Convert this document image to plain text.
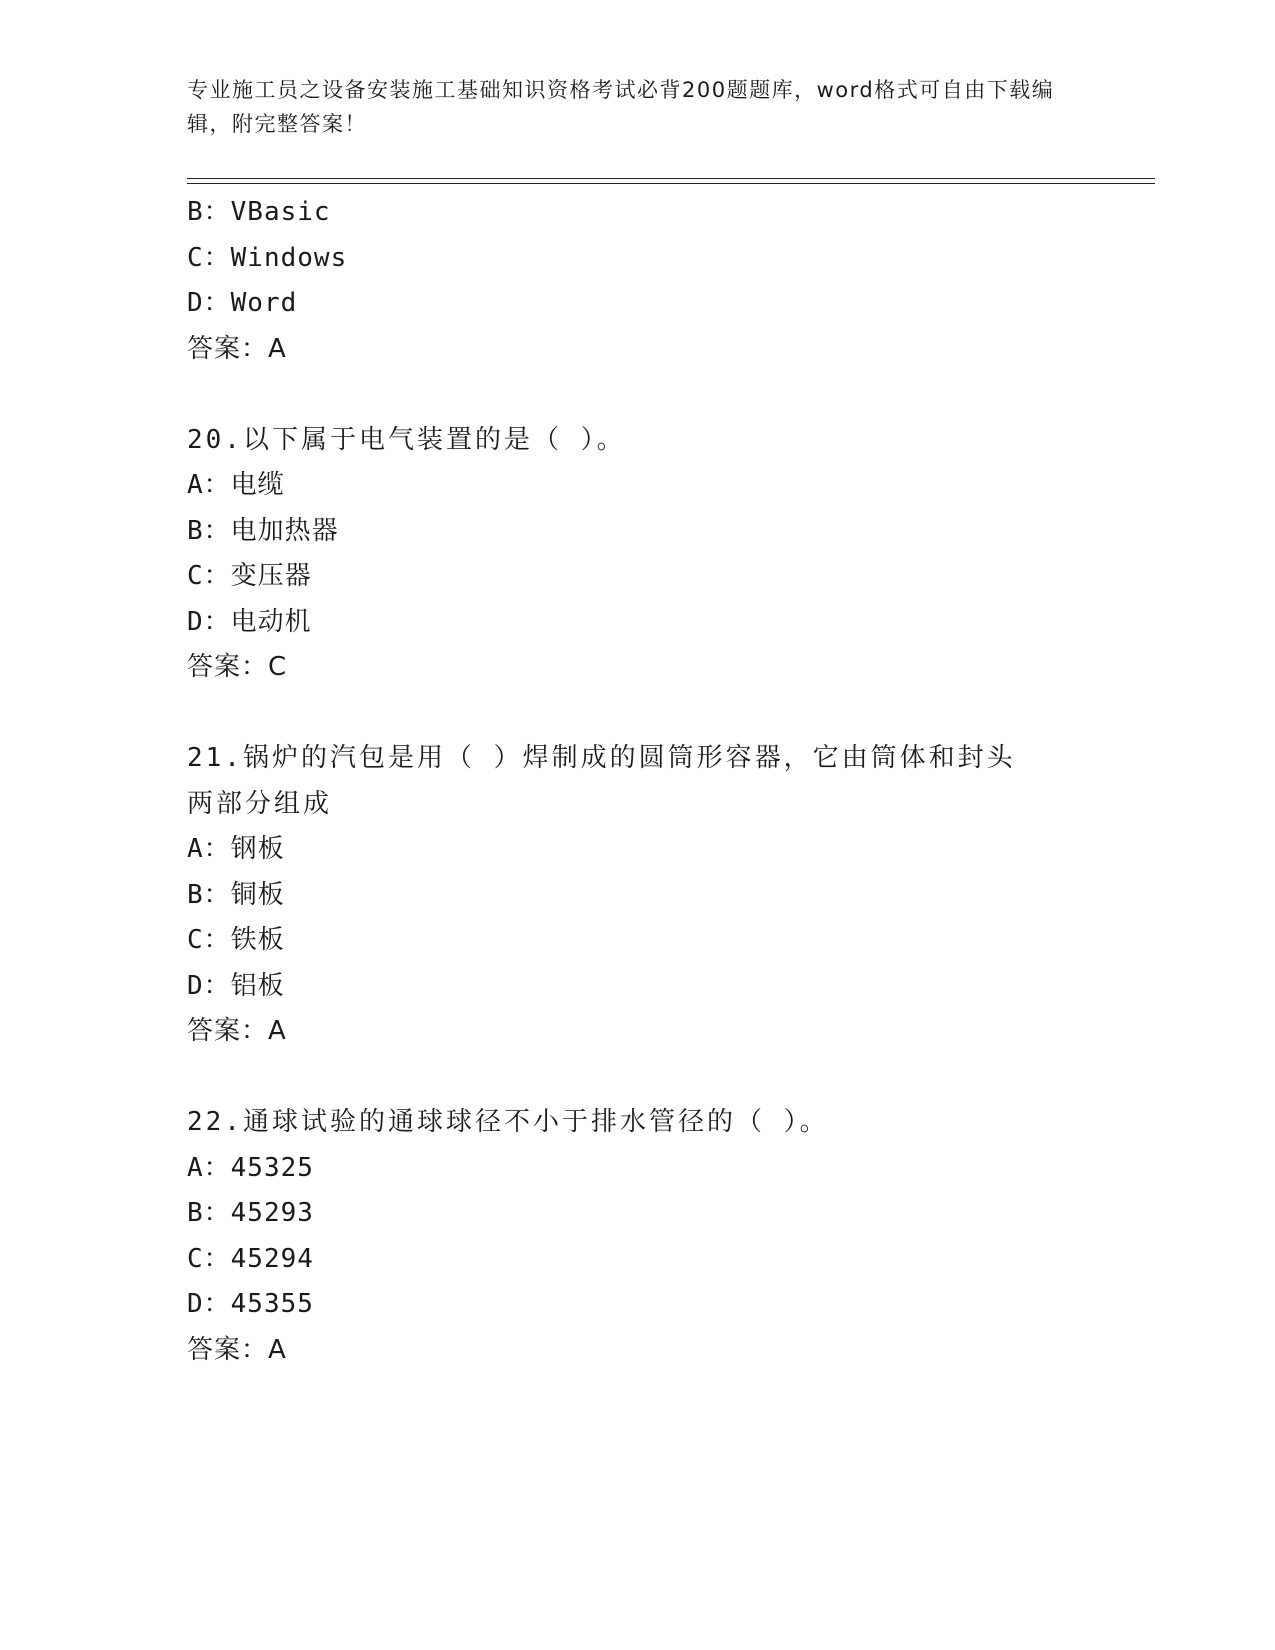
专业施工员之设备安装施工基础知识资格考试必背200题题库，word格式可自由下载编辑，附完整答案！
B：VBasic
C：Windows
D：Word
答案：A
20.以下属于电气装置的是（ ）。
A：电缆
B：电加热器
C：变压器
D：电动机
答案：C
21.锅炉的汽包是用（ ）焊制成的圆筒形容器，它由筒体和封头两部分组成
A：钢板
B：铜板
C：铁板
D：铝板
答案：A
22.通球试验的通球球径不小于排水管径的（ ）。
A：45325
B：45293
C：45294
D：45355
答案：A
